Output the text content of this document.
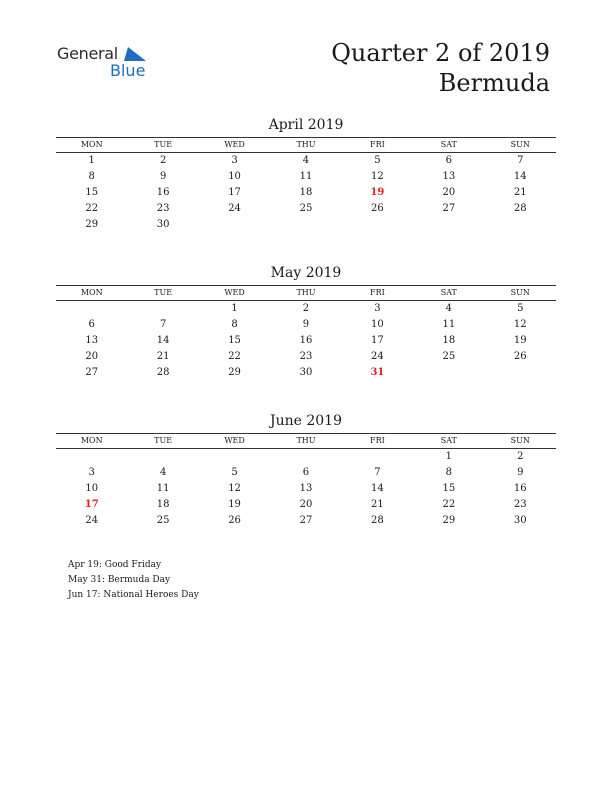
General
Blue
Quarter 2 of 2019
Bermuda
April 2019
MON	TUE	WED	THU	FRI	SAT	SUN
1	2	3	4	5	6	7
8	9	10	11	12	13	14
15	16	17	18	19	20	21
22	23	24	25	26	27	28
29	30					
May 2019
MON	TUE	WED	THU	FRI	SAT	SUN
		1	2	3	4	5
6	7	8	9	10	11	12
13	14	15	16	17	18	19
20	21	22	23	24	25	26
27	28	29	30	31		
June 2019
MON	TUE	WED	THU	FRI	SAT	SUN
					1	2
3	4	5	6	7	8	9
10	11	12	13	14	15	16
17	18	19	20	21	22	23
24	25	26	27	28	29	30
Apr 19: Good Friday
May 31: Bermuda Day
Jun 17: National Heroes Day
